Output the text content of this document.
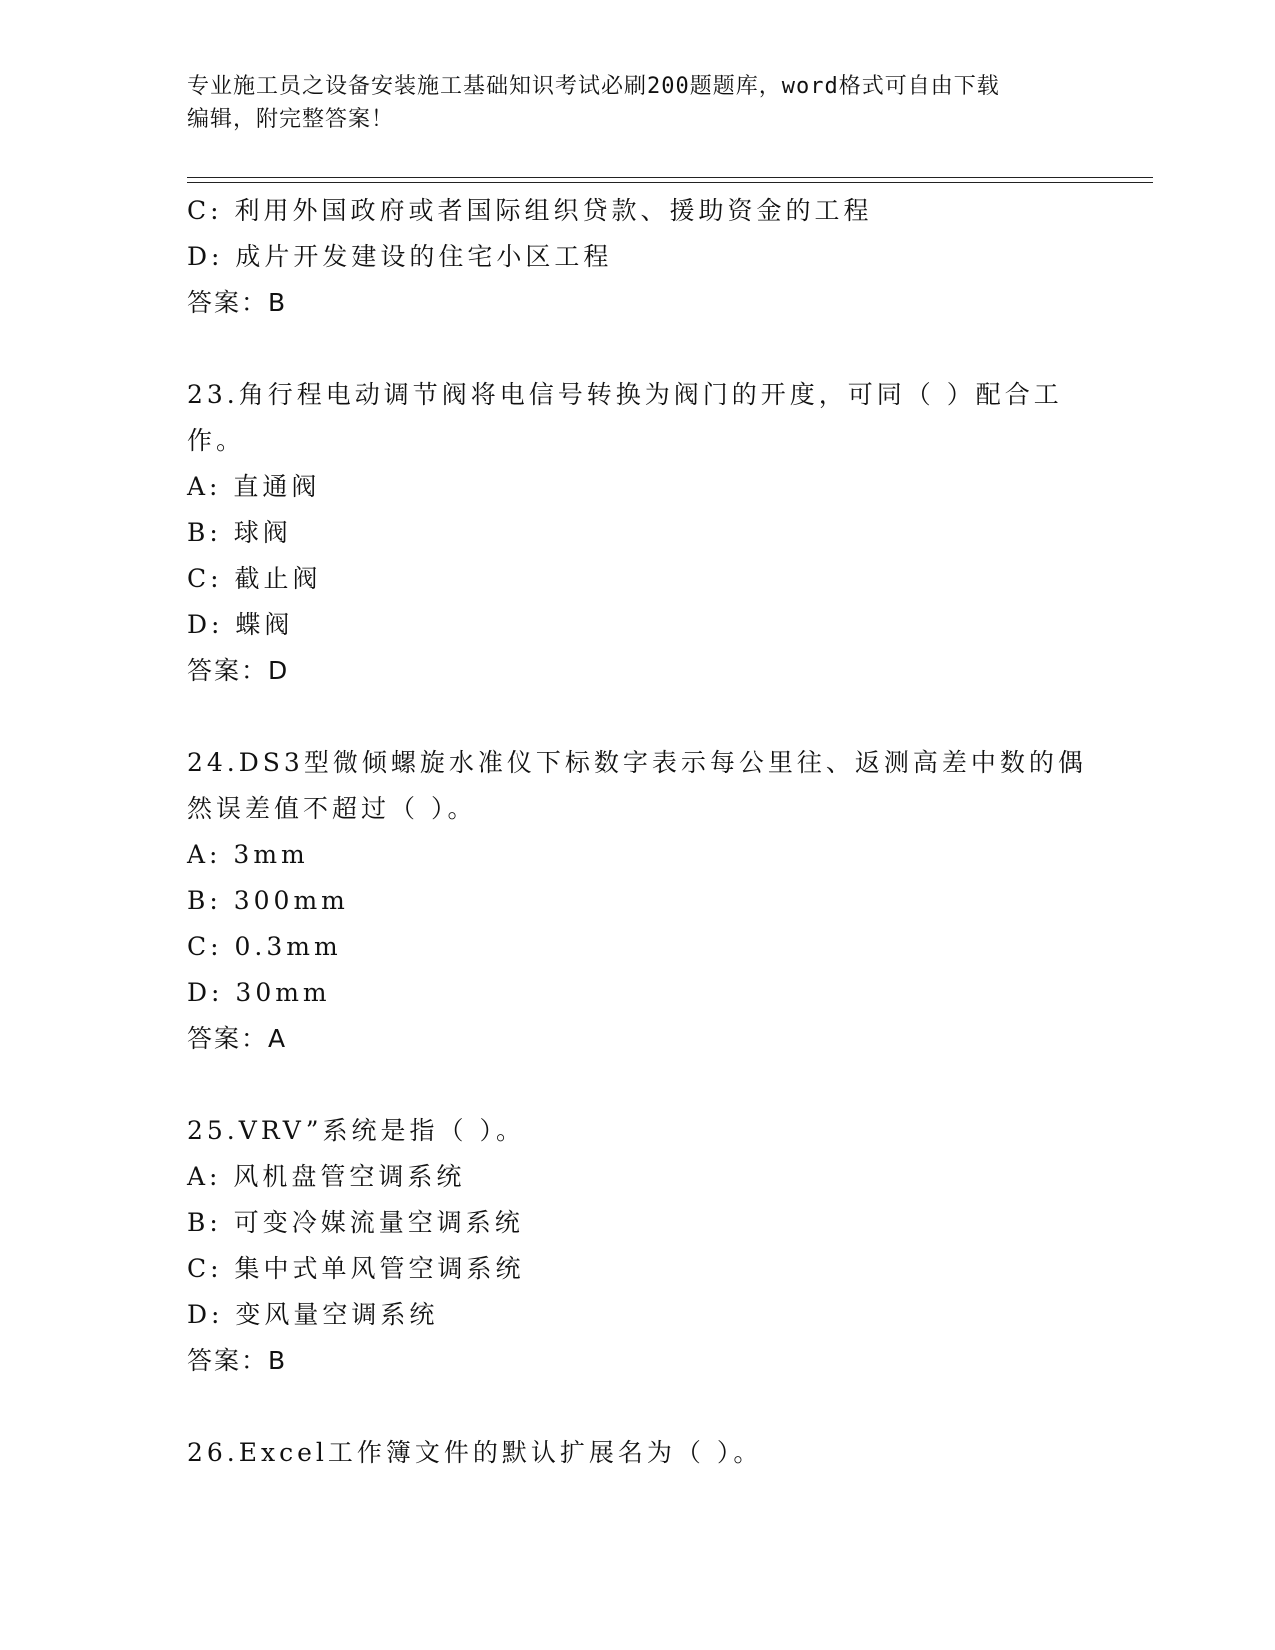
专业施工员之设备安装施工基础知识考试必刷200题题库，word格式可自由下载
编辑，附完整答案！
C: 利用外国政府或者国际组织贷款、援助资金的工程
D: 成片开发建设的住宅小区工程
答案：B
23.角行程电动调节阀将电信号转换为阀门的开度，可同（ ）配合工
作。
A: 直通阀
B: 球阀
C: 截止阀
D: 蝶阀
答案：D
24.DS3型微倾螺旋水准仪下标数字表示每公里往、返测高差中数的偶
然误差值不超过（ ）。
A: 3mm
B: 300mm
C: 0.3mm
D: 30mm
答案：A
25.VRV”系统是指（ ）。
A: 风机盘管空调系统
B: 可变冷媒流量空调系统
C: 集中式单风管空调系统
D: 变风量空调系统
答案：B
26.Excel工作簿文件的默认扩展名为（ ）。
